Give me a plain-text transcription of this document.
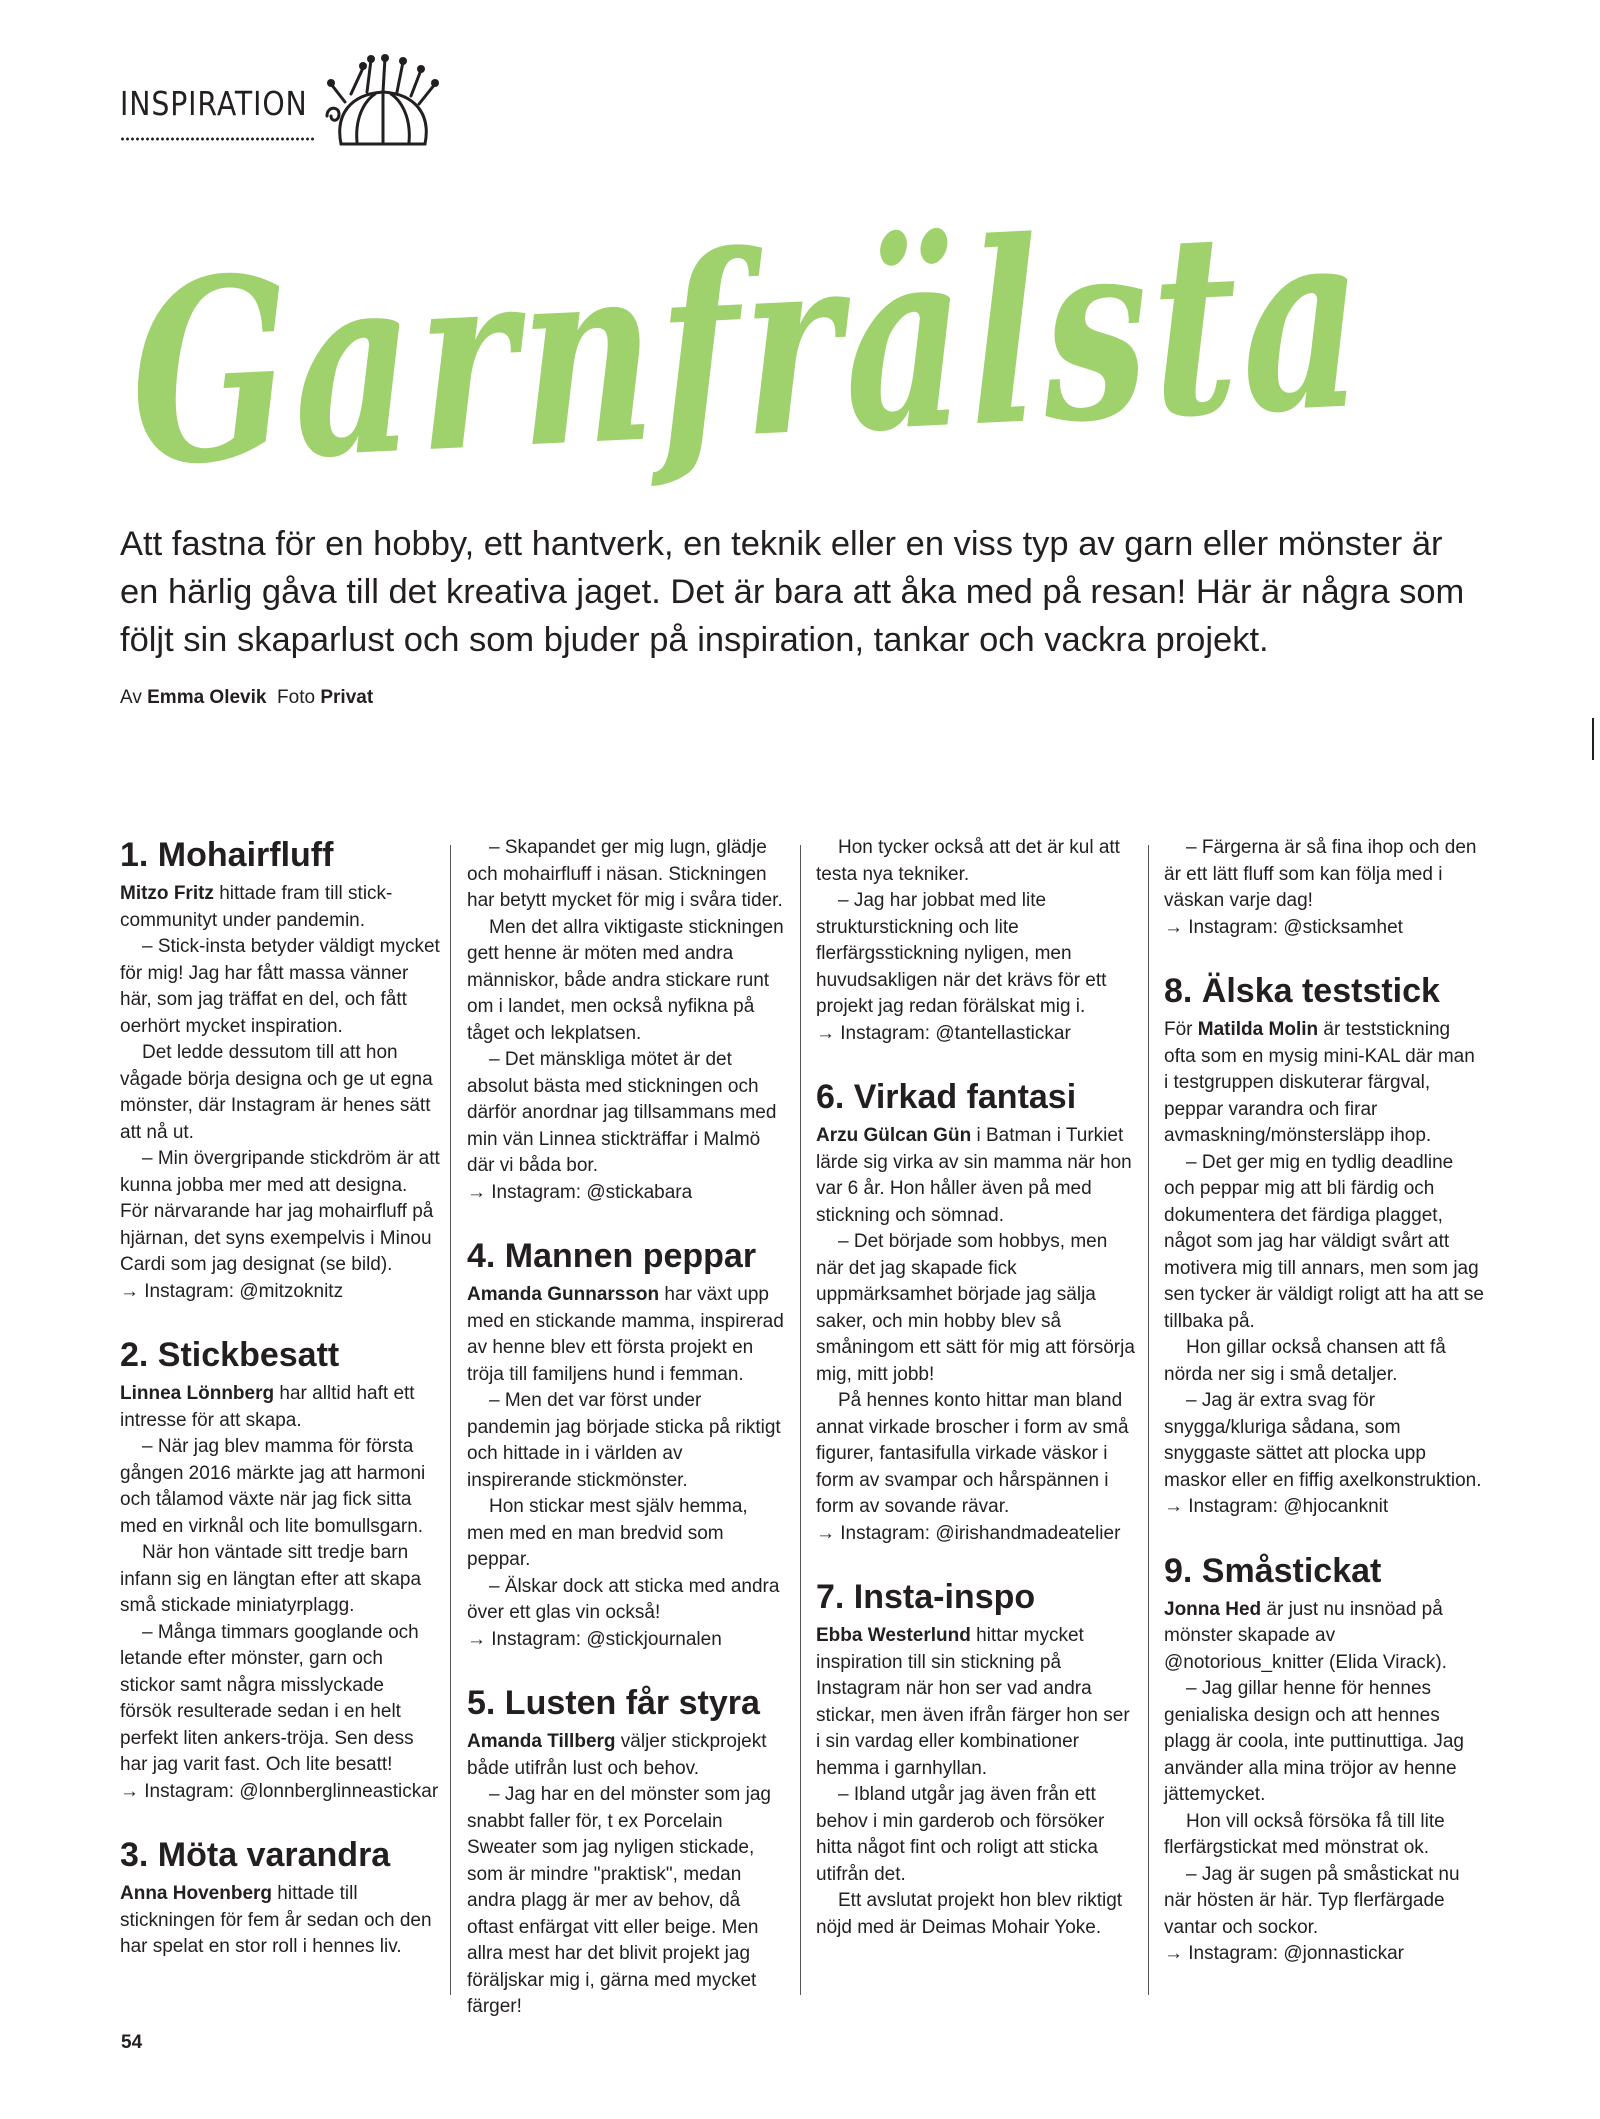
INSPIRATION
Garnfrälsta

Att fastna för en hobby, ett hantverk, en teknik eller en viss typ av garn eller mönster är en härlig gåva till det kreativa jaget. Det är bara att åka med på resan! Här är några som följt sin skaparlust och som bjuder på inspiration, tankar och vackra projekt.

Av Emma Olevik Foto Privat
1. Mohairfluff

Mitzo Fritz hittade fram till stick-communityt under pandemin.

– Stick-insta betyder väldigt mycket för mig! Jag har fått massa vänner här, som jag träffat en del, och fått oerhört mycket inspiration.

Det ledde dessutom till att hon vågade börja designa och ge ut egna mönster, där Instagram är henes sätt att nå ut.

– Min övergripande stickdröm är att kunna jobba mer med att designa. För närvarande har jag mohairfluff på hjärnan, det syns exempelvis i Minou Cardi som jag designat (se bild).

→ Instagram: @mitzoknitz
2. Stickbesatt

Linnea Lönnberg har alltid haft ett intresse för att skapa.

– När jag blev mamma för första gången 2016 märkte jag att harmoni och tålamod växte när jag fick sitta med en virknål och lite bomullsgarn.

När hon väntade sitt tredje barn infann sig en längtan efter att skapa små stickade miniatyrplagg.

– Många timmars googlande och letande efter mönster, garn och stickor samt några misslyckade försök resulterade sedan i en helt perfekt liten ankers-tröja. Sen dess har jag varit fast. Och lite besatt!

→ Instagram: @lonnberglinneastickar
3. Möta varandra

Anna Hovenberg hittade till stickningen för fem år sedan och den har spelat en stor roll i hennes liv.

– Skapandet ger mig lugn, glädje och mohairfluff i näsan. Stickningen har betytt mycket för mig i svåra tider.

Men det allra viktigaste stickningen gett henne är möten med andra människor, både andra stickare runt om i landet, men också nyfikna på tåget och lekplatsen.

– Det mänskliga mötet är det absolut bästa med stickningen och därför anordnar jag tillsammans med min vän Linnea stickträffar i Malmö där vi båda bor.

→ Instagram: @stickabara
4. Mannen peppar

Amanda Gunnarsson har växt upp med en stickande mamma, inspirerad av henne blev ett första projekt en tröja till familjens hund i femman.

– Men det var först under pandemin jag började sticka på riktigt och hittade in i världen av inspirerande stickmönster.

Hon stickar mest själv hemma, men med en man bredvid som peppar.

– Älskar dock att sticka med andra över ett glas vin också!

→ Instagram: @stickjournalen
5. Lusten får styra

Amanda Tillberg väljer stickprojekt både utifrån lust och behov.

– Jag har en del mönster som jag snabbt faller för, t ex Porcelain Sweater som jag nyligen stickade, som är mindre "praktisk", medan andra plagg är mer av behov, då oftast enfärgat vitt eller beige. Men allra mest har det blivit projekt jag föräljskar mig i, gärna med mycket färger!

Hon tycker också att det är kul att testa nya tekniker.

– Jag har jobbat med lite strukturstickning och lite flerfärgsstickning nyligen, men huvudsakligen när det krävs för ett projekt jag redan förälskat mig i.

→ Instagram: @tantellastickar
6. Virkad fantasi

Arzu Gülcan Gün i Batman i Turkiet lärde sig virka av sin mamma när hon var 6 år. Hon håller även på med stickning och sömnad.

– Det började som hobbys, men när det jag skapade fick uppmärksamhet började jag sälja saker, och min hobby blev så småningom ett sätt för mig att försörja mig, mitt jobb!

På hennes konto hittar man bland annat virkade broscher i form av små figurer, fantasifulla virkade väskor i form av svampar och hårspännen i form av sovande rävar.

→ Instagram: @irishandmadeatelier
7. Insta-inspo

Ebba Westerlund hittar mycket inspiration till sin stickning på Instagram när hon ser vad andra stickar, men även ifrån färger hon ser i sin vardag eller kombinationer hemma i garnhyllan.

– Ibland utgår jag även från ett behov i min garderob och försöker hitta något fint och roligt att sticka utifrån det.

Ett avslutat projekt hon blev riktigt nöjd med är Deimas Mohair Yoke.

– Färgerna är så fina ihop och den är ett lätt fluff som kan följa med i väskan varje dag!

→ Instagram: @sticksamhet
8. Älska teststick

För Matilda Molin är teststickning ofta som en mysig mini-KAL där man i testgruppen diskuterar färgval, peppar varandra och firar avmaskning/mönstersläpp ihop.

– Det ger mig en tydlig deadline och peppar mig att bli färdig och dokumentera det färdiga plagget, något som jag har väldigt svårt att motivera mig till annars, men som jag sen tycker är väldigt roligt att ha att se tillbaka på.

Hon gillar också chansen att få nörda ner sig i små detaljer.

– Jag är extra svag för snygga/kluriga sådana, som snyggaste sättet att plocka upp maskor eller en fiffig axelkonstruktion.

→ Instagram: @hjocanknit
9. Småstickat

Jonna Hed är just nu insnöad på mönster skapade av @notorious_knitter (Elida Virack).

– Jag gillar henne för hennes genialiska design och att hennes plagg är coola, inte puttinuttiga. Jag använder alla mina tröjor av henne jättemycket.

Hon vill också försöka få till lite flerfärgstickat med mönstrat ok.

– Jag är sugen på småstickat nu när hösten är här. Typ flerfärgade vantar och sockor.

→ Instagram: @jonnastickar
54
